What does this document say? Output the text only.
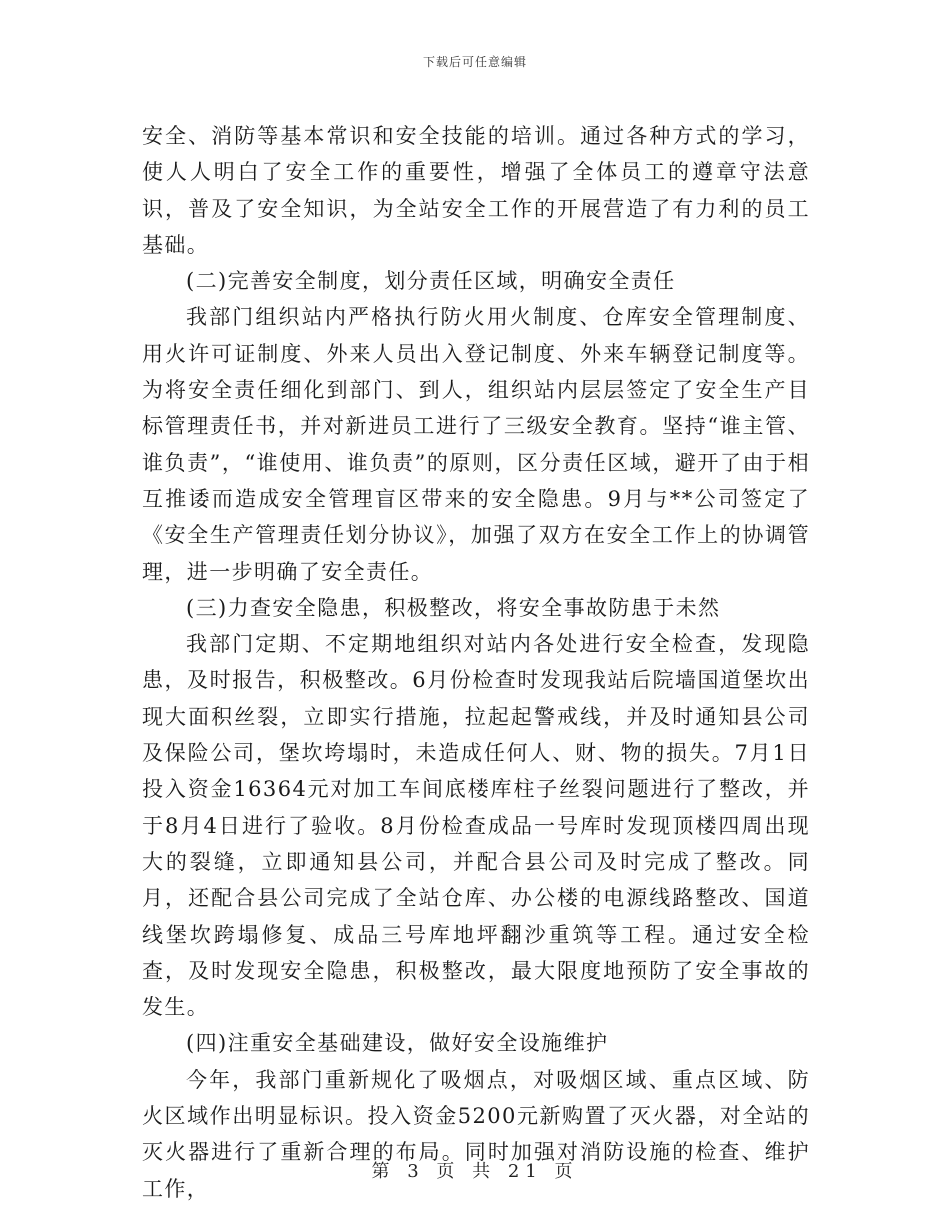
下载后可任意编辑

安全、消防等基本常识和安全技能的培训。通过各种方式的学习，使人人明白了安全工作的重要性，增强了全体员工的遵章守法意识，普及了安全知识，为全站安全工作的开展营造了有力利的员工基础。

(二)完善安全制度，划分责任区域，明确安全责任

我部门组织站内严格执行防火用火制度、仓库安全管理制度、用火许可证制度、外来人员出入登记制度、外来车辆登记制度等。为将安全责任细化到部门、到人，组织站内层层签定了安全生产目标管理责任书，并对新进员工进行了三级安全教育。坚持“谁主管、谁负责”，“谁使用、谁负责”的原则，区分责任区域，避开了由于相互推诿而造成安全管理盲区带来的安全隐患。9月与**公司签定了《安全生产管理责任划分协议》，加强了双方在安全工作上的协调管理，进一步明确了安全责任。

(三)力查安全隐患，积极整改，将安全事故防患于未然

我部门定期、不定期地组织对站内各处进行安全检查，发现隐患，及时报告，积极整改。6月份检查时发现我站后院墙国道堡坎出现大面积丝裂，立即实行措施，拉起起警戒线，并及时通知县公司及保险公司，堡坎垮塌时，未造成任何人、财、物的损失。7月1日投入资金16364元对加工车间底楼库柱子丝裂问题进行了整改，并于8月4日进行了验收。8月份检查成品一号库时发现顶楼四周出现大的裂缝，立即通知县公司，并配合县公司及时完成了整改。同月，还配合县公司完成了全站仓库、办公楼的电源线路整改、国道线堡坎跨塌修复、成品三号库地坪翻沙重筑等工程。通过安全检查，及时发现安全隐患，积极整改，最大限度地预防了安全事故的发生。

(四)注重安全基础建设，做好安全设施维护

今年，我部门重新规化了吸烟点，对吸烟区域、重点区域、防火区域作出明显标识。投入资金5200元新购置了灭火器，对全站的灭火器进行了重新合理的布局。同时加强对消防设施的检查、维护工作，

第 3 页 共 21 页
